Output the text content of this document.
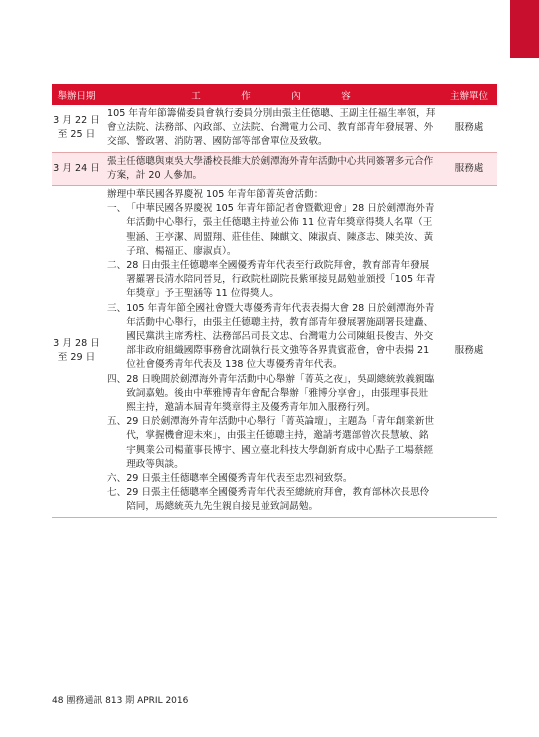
舉辦日期	工	作	內	容	主辦單位
3 月 22 日
至 25 日
105 年青年節籌備委員會執行委員分別由張主任德聰、王副主任福生率領，拜會立法院、法務部、內政部、立法院、台灣電力公司、教育部青年發展署、外交部、警政署、消防署、國防部等部會單位及致敬。
服務處
3 月 24 日
張主任德聰與東吳大學潘校長維大於劍潭海外青年活動中心共同簽署多元合作方案，計 20 人參加。
服務處
3 月 28 日
至 29 日
辦理中華民國各界慶祝 105 年青年節菁英會活動：
一、 「中華民國各界慶祝 105 年青年節記者會暨歡迎會」28 日於劍潭海外青年活動中心舉行，張主任德聰主持並公佈 11 位青年獎章得獎人名單（王聖涵、王亭潔、周盟翔、莊佳佳、陳麒文、陳淑貞、陳彥志、陳美汝、黃子琯、楊福正、廖淑貞）。
二、 28 日由張主任德聰率全國優秀青年代表至行政院拜會，教育部青年發展署羅署長清水陪同晉見，行政院杜副院長紫軍接見勗勉並頒授「105 年青年獎章」予王聖涵等 11 位得獎人。
三、 105 年青年節全國社會暨大專優秀青年代表表揚大會 28 日於劍潭海外青年活動中心舉行，由張主任德聰主持，教育部青年發展署施副署長建矗、國民黨洪主席秀柱、法務部呂司長文忠、台灣電力公司陳組長俊吉、外交部非政府組織國際事務會沈副執行長文強等各界貴賓蒞會，會中表揚 21 位社會優秀青年代表及 138 位大專優秀青年代表。
四、 28 日晚間於劍潭海外青年活動中心舉辦「菁英之夜」，吳副總統敦義親臨致詞嘉勉。後由中華雅博青年會配合舉辦「雅博分享會」，由張理事長壯熙主持，邀請本屆青年獎章得主及優秀青年加入服務行列。
五、 29 日於劍潭海外青年活動中心舉行「菁英論壇」，主題為「青年創業新世代，掌握機會迎未來」，由張主任德聰主持，邀請考選部曾次長慧敏、銘宇興業公司楊董事長博宇、國立臺北科技大學創新育成中心點子工場蔡經理政等與談。
六、 29 日張主任德聰率全國優秀青年代表至忠烈祠致祭。
七、 29 日張主任德聰率全國優秀青年代表至總統府拜會，教育部林次長思伶陪同，馬總統英九先生親自接見並致詞勗勉。
服務處
48 團務通訊 813 期 APRIL 2016
